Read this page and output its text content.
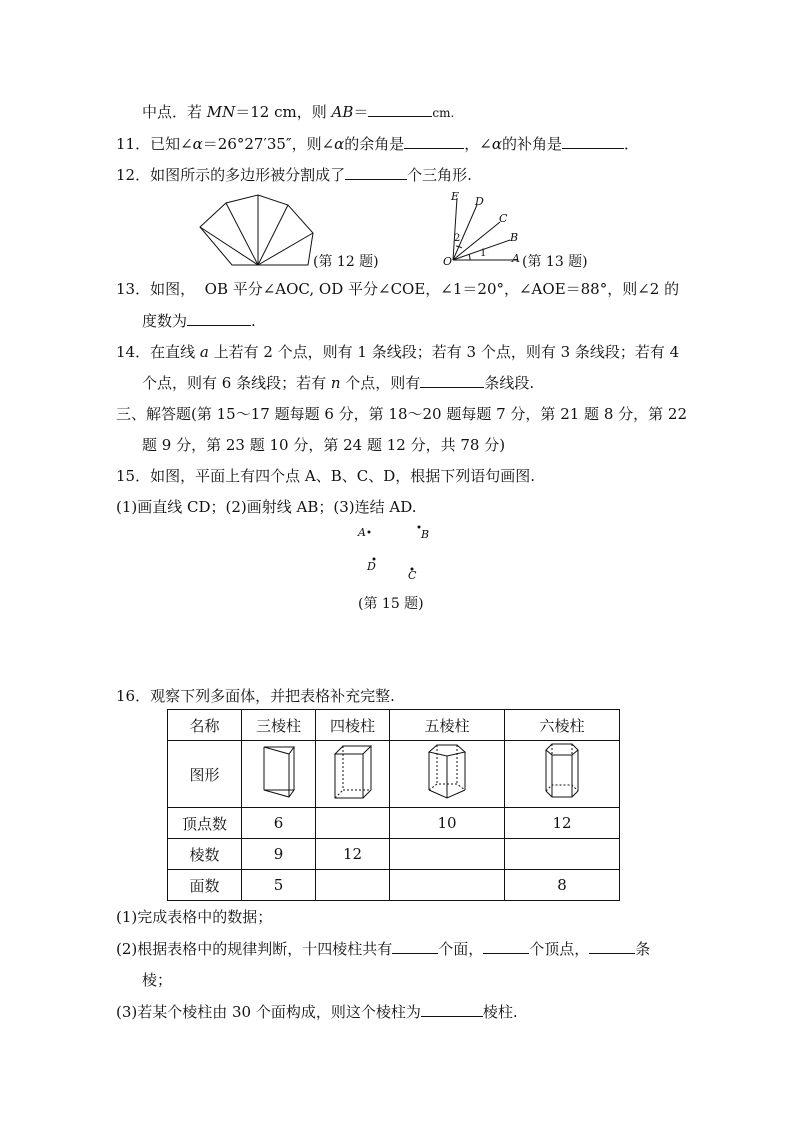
中点．若 MN＝12 cm，则 AB＝	cm.
11．已知∠α＝26°27′35″，则∠α的余角是	，∠α的补角是	．
12．如图所示的多边形被分割成了	个三角形.
(第 12 题)
E D
C
B
A
O
1
2
(第 13 题)
13．如图， OB 平分∠AOC, OD 平分∠COE，∠1＝20°，∠AOE＝88°，则∠2 的
度数为	.
14．在直线 a 上若有 2 个点，则有 1 条线段；若有 3 个点，则有 3 条线段；若有 4
个点，则有 6 条线段；若有 n 个点，则有	条线段.
三、解答题(第 15～17 题每题 6 分，第 18～20 题每题 7 分，第 21 题 8 分，第 22
题 9 分，第 23 题 10 分，第 24 题 12 分，共 78 分)
15．如图，平面上有四个点 A、B、C、D，根据下列语句画图.
(1)画直线 CD；(2)画射线 AB；(3)连结 AD.
A	B
D
C
(第 15 题)
16．观察下列多面体，并把表格补充完整.
名称	三棱柱	四棱柱	五棱柱	六棱柱
图形				
顶点数	6		10	12
棱数	9	12		
面数	5			8
(1)完成表格中的数据；
(2)根据表格中的规律判断，十四棱柱共有	个面，	个顶点，	条
棱；
(3)若某个棱柱由 30 个面构成，则这个棱柱为	棱柱.
